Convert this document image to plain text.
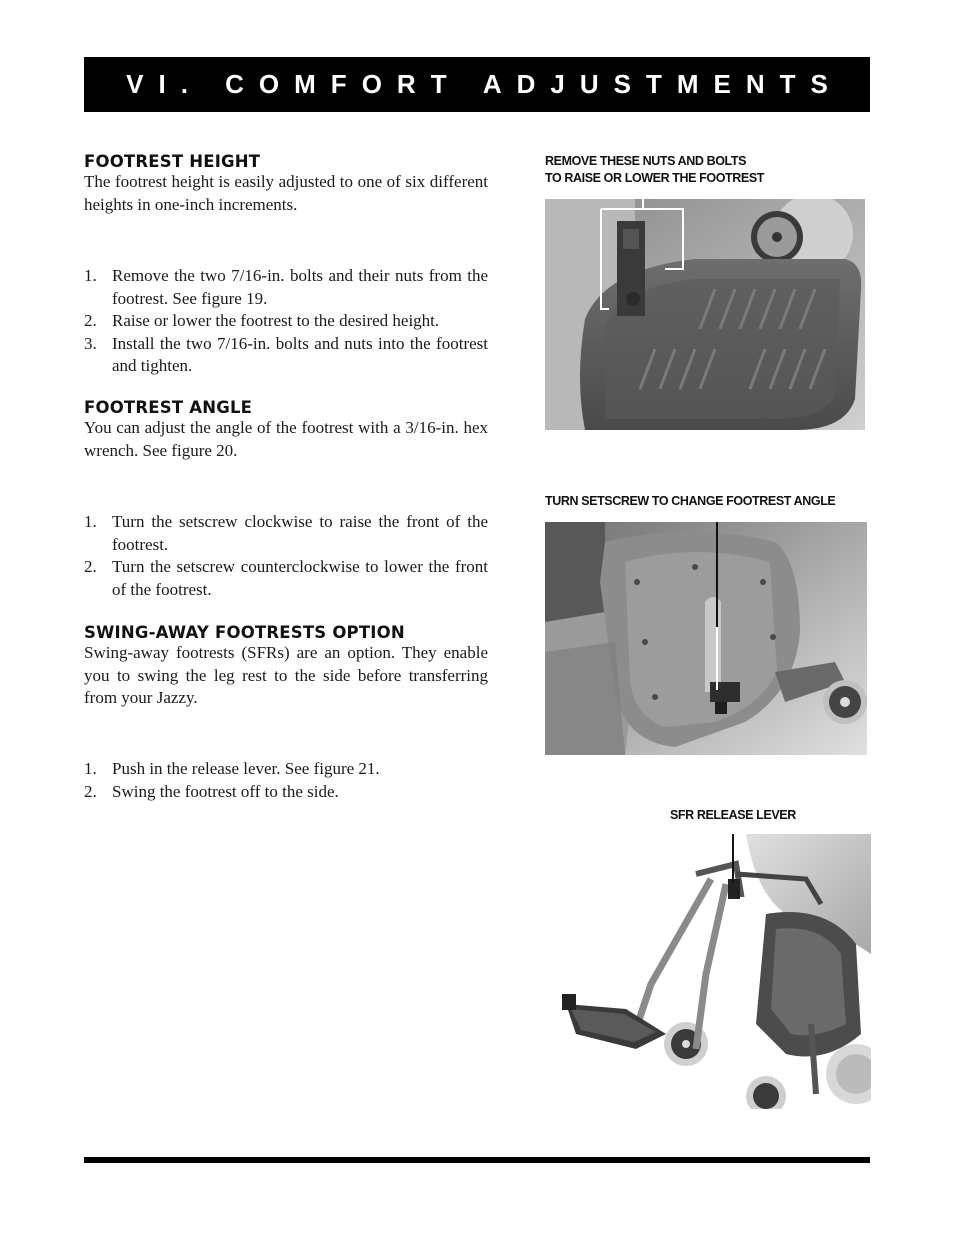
VI. COMFORT ADJUSTMENTS
FOOTREST HEIGHT

The footrest height is easily adjusted to one of six different heights in one-inch increments.

1. Remove the two 7/16-in. bolts and their nuts from the footrest. See figure 19.
2. Raise or lower the footrest to the desired height.
3. Install the two 7/16-in. bolts and nuts into the footrest and tighten.
FOOTREST ANGLE

You can adjust the angle of the footrest with a 3/16-in. hex wrench. See figure 20.

1. Turn the setscrew clockwise to raise the front of the footrest.
2. Turn the setscrew counterclockwise to lower the front of the footrest.
SWING-AWAY FOOTRESTS OPTION

Swing-away footrests (SFRs) are an option. They enable you to swing the leg rest to the side before transferring from your Jazzy.

1. Push in the release lever. See figure 21.
2. Swing the footrest off to the side.
REMOVE THESE NUTS AND BOLTS
TO RAISE OR LOWER THE FOOTREST
TURN SETSCREW TO CHANGE FOOTREST ANGLE
SFR RELEASE LEVER
